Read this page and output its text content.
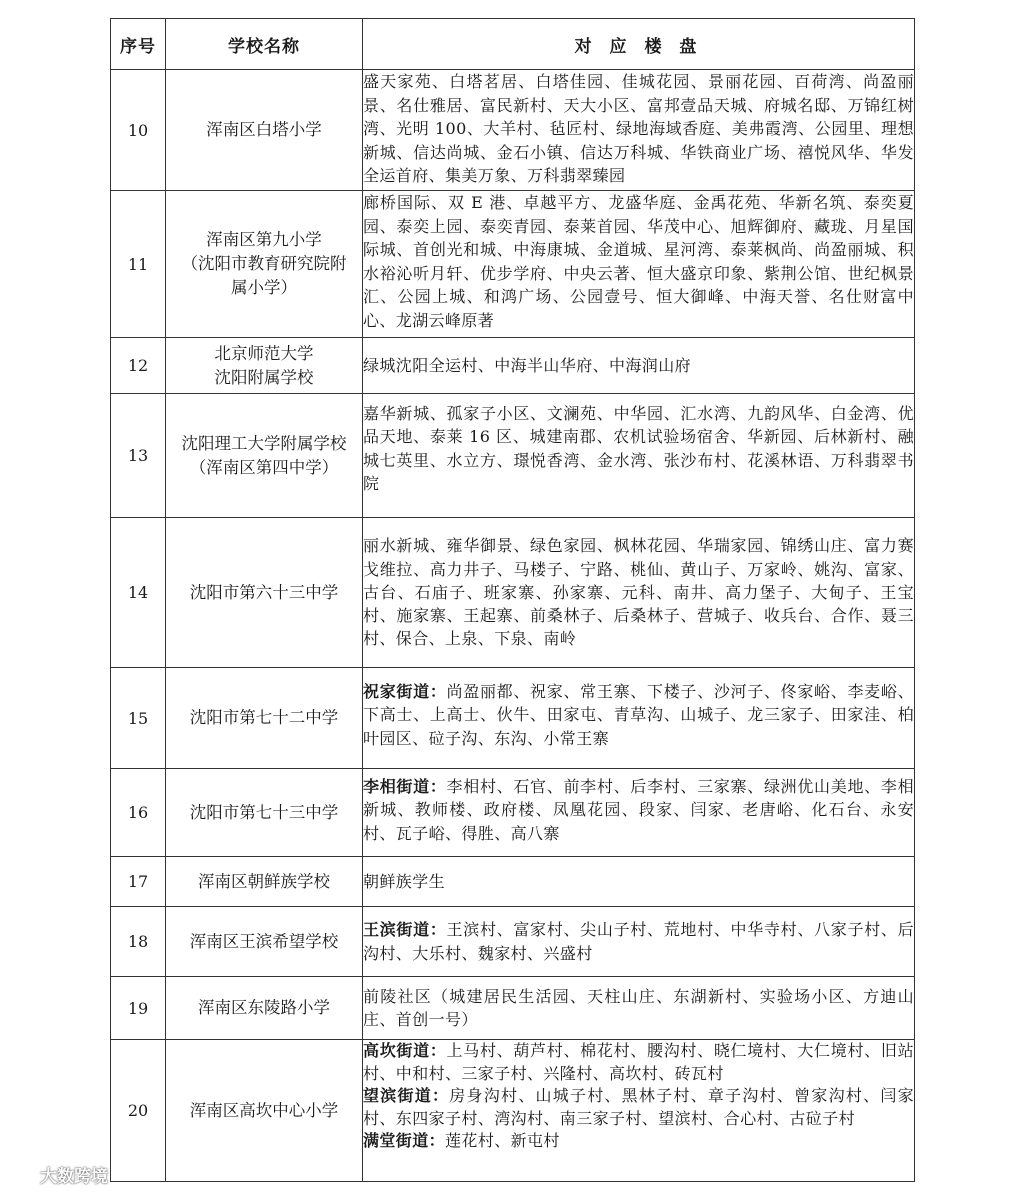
序号	学校名称	对 应 楼 盘
10	浑南区白塔小学	盛天家苑、白塔茗居、白塔佳园、佳城花园、景丽花园、百荷湾、尚盈丽景、名仕雅居、富民新村、天大小区、富邦壹品天城、府城名邸、万锦红树湾、光明 100、大羊村、毡匠村、绿地海域香庭、美弗霞湾、公园里、理想新城、信达尚城、金石小镇、信达万科城、华铁商业广场、禧悦风华、华发全运首府、集美万象、万科翡翠臻园
11	浑南区第九小学
（沈阳市教育研究院附
属小学）	廊桥国际、双 E 港、卓越平方、龙盛华庭、金禹花苑、华新名筑、泰奕夏园、泰奕上园、泰奕青园、泰莱首园、华茂中心、旭辉御府、藏珑、月星国际城、首创光和城、中海康城、金道城、星河湾、泰莱枫尚、尚盈丽城、积水裕沁听月轩、优步学府、中央云著、恒大盛京印象、紫荆公馆、世纪枫景汇、公园上城、和鸿广场、公园壹号、恒大御峰、中海天誉、名仕财富中心、龙湖云峰原著
12	北京师范大学
沈阳附属学校	绿城沈阳全运村、中海半山华府、中海润山府
13	沈阳理工大学附属学校
（浑南区第四中学）	嘉华新城、孤家子小区、文澜苑、中华园、汇水湾、九韵风华、白金湾、优品天地、泰莱 16 区、城建南郡、农机试验场宿舍、华新园、后林新村、融城七英里、水立方、璟悦香湾、金水湾、张沙布村、花溪林语、万科翡翠书院
14	沈阳市第六十三中学	丽水新城、雍华御景、绿色家园、枫林花园、华瑞家园、锦绣山庄、富力赛戈维拉、高力井子、马楼子、宁路、桃仙、黄山子、万家岭、姚沟、富家、古台、石庙子、班家寨、孙家寨、元科、南井、高力堡子、大甸子、王宝村、施家寨、王起寨、前桑林子、后桑林子、营城子、收兵台、合作、聂三村、保合、上泉、下泉、南岭
15	沈阳市第七十二中学	祝家街道：尚盈丽都、祝家、常王寨、下楼子、沙河子、佟家峪、李麦峪、下高士、上高士、伙牛、田家屯、青草沟、山城子、龙三家子、田家洼、柏叶园区、砬子沟、东沟、小常王寨
16	沈阳市第七十三中学	李相街道：李相村、石官、前李村、后李村、三家寨、绿洲优山美地、李相新城、教师楼、政府楼、凤凰花园、段家、闫家、老唐峪、化石台、永安村、瓦子峪、得胜、高八寨
17	浑南区朝鲜族学校	朝鲜族学生
18	浑南区王滨希望学校	王滨街道：王滨村、富家村、尖山子村、荒地村、中华寺村、八家子村、后沟村、大乐村、魏家村、兴盛村
19	浑南区东陵路小学	前陵社区（城建居民生活园、天柱山庄、东湖新村、实验场小区、方迪山庄、首创一号）
20	浑南区高坎中心小学	高坎街道：上马村、葫芦村、棉花村、腰沟村、晓仁境村、大仁境村、旧站村、中和村、三家子村、兴隆村、高坎村、砖瓦村
望滨街道：房身沟村、山城子村、黑林子村、章子沟村、曾家沟村、闫家村、东四家子村、湾沟村、南三家子村、望滨村、合心村、古砬子村
满堂街道：莲花村、新屯村
大数跨境
